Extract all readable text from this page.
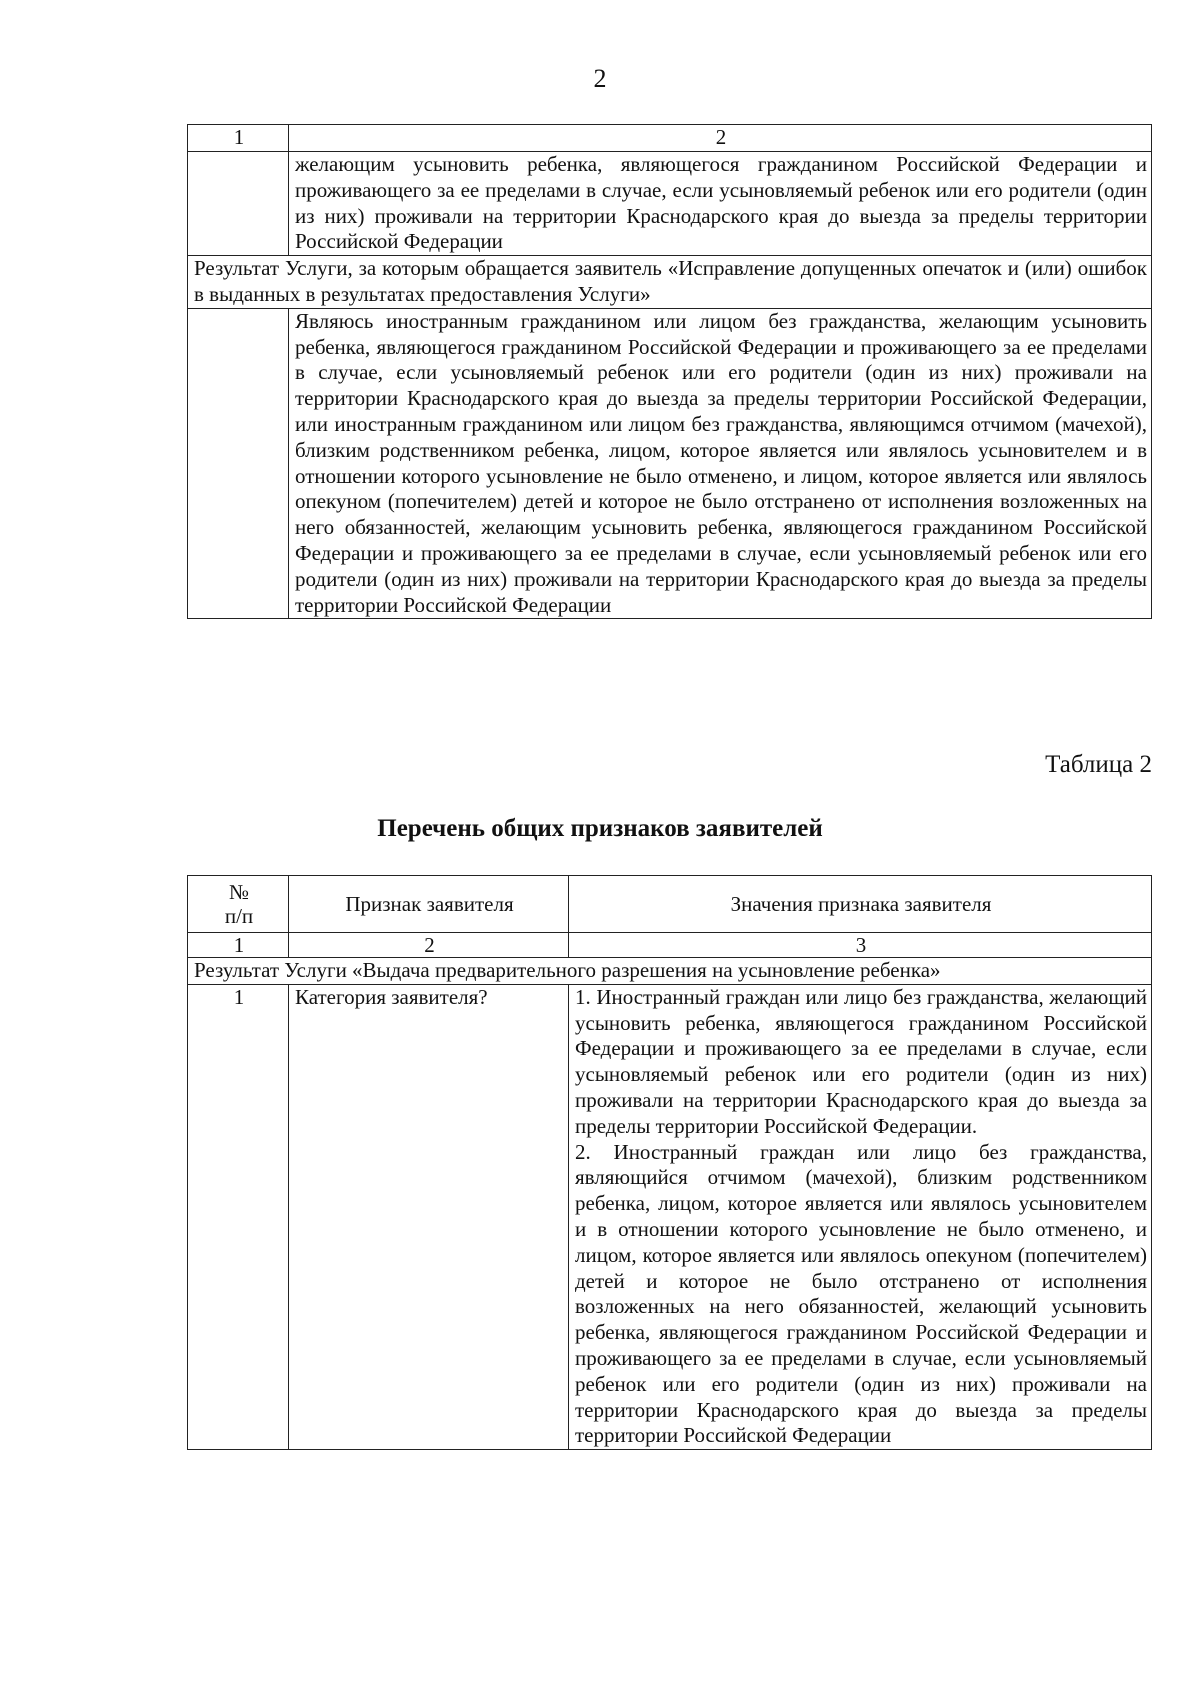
2
1	2
	желающим усыновить ребенка, являющегося гражданином Российской Федерации и проживающего за ее пределами в случае, если усыновляемый ребенок или его родители (один из них) проживали на территории Краснодарского края до выезда за пределы территории Российской Федерации
Результат Услуги, за которым обращается заявитель «Исправление допущенных опечаток и (или) ошибок в выданных в результатах предоставления Услуги»	
	Являюсь иностранным гражданином или лицом без гражданства, желающим усыновить ребенка, являющегося гражданином Российской Федерации и проживающего за ее пределами в случае, если усыновляемый ребенок или его родители (один из них) проживали на территории Краснодарского края до выезда за пределы территории Российской Федерации, или иностранным гражданином или лицом без гражданства, являющимся отчимом (мачехой), близким родственником ребенка, лицом, которое является или являлось усыновителем и в отношении которого усыновление не было отменено, и лицом, которое является или являлось опекуном (попечителем) детей и которое не было отстранено от исполнения возложенных на него обязанностей, желающим усыновить ребенка, являющегося гражданином Российской Федерации и проживающего за ее пределами в случае, если усыновляемый ребенок или его родители (один из них) проживали на территории Краснодарского края до выезда за пределы территории Российской Федерации
Таблица 2
Перечень общих признаков заявителей
№
п/п	Признак заявителя	Значения признака заявителя
1	2	3
Результат Услуги «Выдача предварительного разрешения на усыновление ребенка»		
1	Категория заявителя?	1. Иностранный граждан или лицо без гражданства, желающий усыновить ребенка, являющегося гражданином Российской Федерации и проживающего за ее пределами в случае, если усыновляемый ребенок или его родители (один из них) проживали на территории Краснодарского края до выезда за пределы территории Российской Федерации.
2. Иностранный граждан или лицо без гражданства, являющийся отчимом (мачехой), близким родственником ребенка, лицом, которое является или являлось усыновителем и в отношении которого усыновление не было отменено, и лицом, которое является или являлось опекуном (попечителем) детей и которое не было отстранено от исполнения возложенных на него обязанностей, желающий усыновить ребенка, являющегося гражданином Российской Федерации и проживающего за ее пределами в случае, если усыновляемый ребенок или его родители (один из них) проживали на территории Краснодарского края до выезда за пределы территории Российской Федерации
